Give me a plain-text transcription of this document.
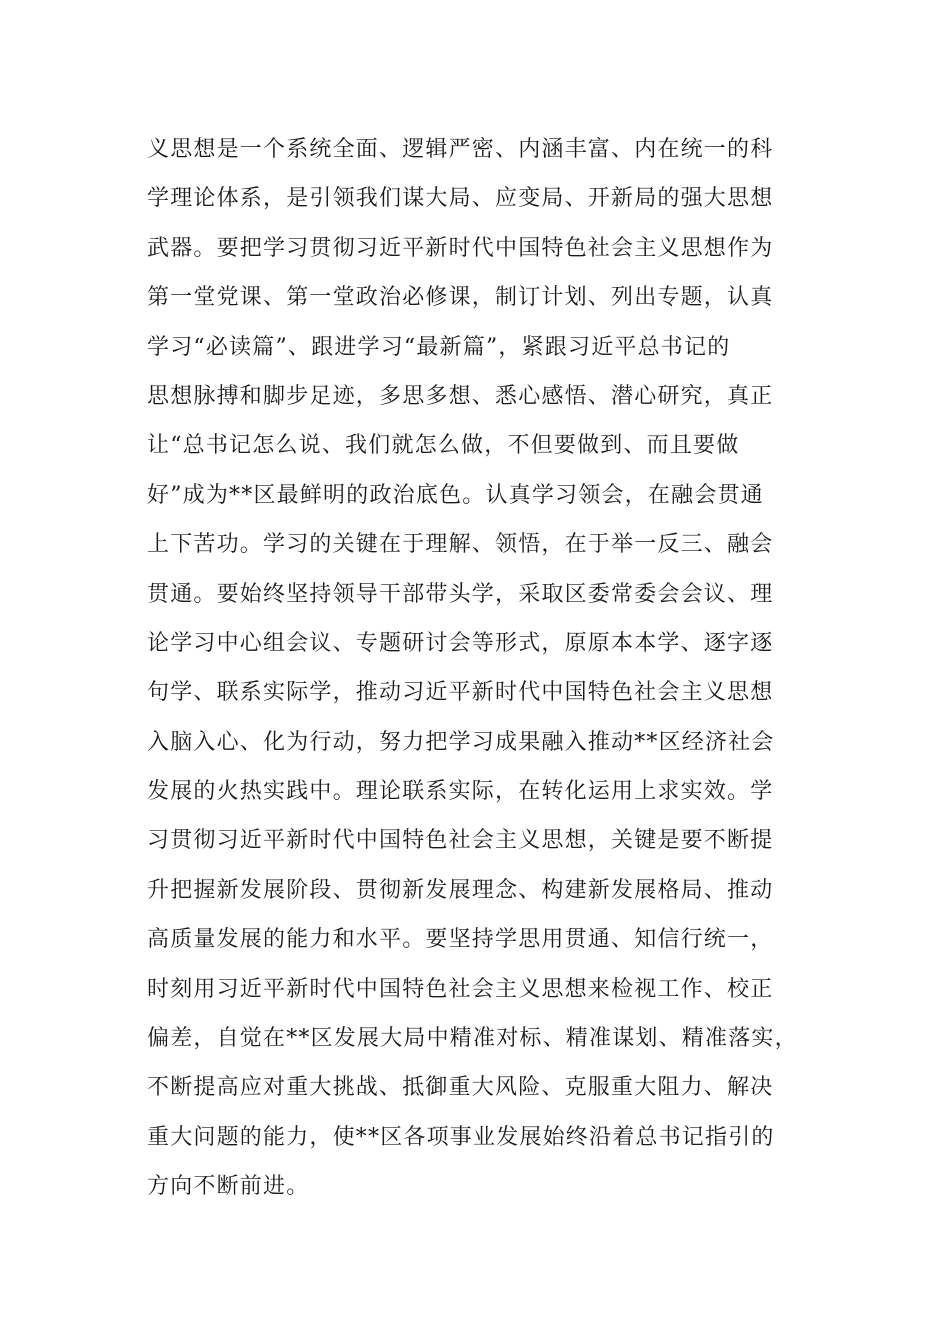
义思想是一个系统全面、逻辑严密、内涵丰富、内在统一的科
学理论体系，是引领我们谋大局、应变局、开新局的强大思想
武器。要把学习贯彻习近平新时代中国特色社会主义思想作为
第一堂党课、第一堂政治必修课，制订计划、列出专题，认真
学习“必读篇”、跟进学习“最新篇”，紧跟习近平总书记的
思想脉搏和脚步足迹，多思多想、悉心感悟、潜心研究，真正
让“总书记怎么说、我们就怎么做，不但要做到、而且要做
好”成为**区最鲜明的政治底色。认真学习领会，在融会贯通
上下苦功。学习的关键在于理解、领悟，在于举一反三、融会
贯通。要始终坚持领导干部带头学，采取区委常委会会议、理
论学习中心组会议、专题研讨会等形式，原原本本学、逐字逐
句学、联系实际学，推动习近平新时代中国特色社会主义思想
入脑入心、化为行动，努力把学习成果融入推动**区经济社会
发展的火热实践中。理论联系实际，在转化运用上求实效。学
习贯彻习近平新时代中国特色社会主义思想，关键是要不断提
升把握新发展阶段、贯彻新发展理念、构建新发展格局、推动
高质量发展的能力和水平。要坚持学思用贯通、知信行统一，
时刻用习近平新时代中国特色社会主义思想来检视工作、校正
偏差，自觉在**区发展大局中精准对标、精准谋划、精准落实，
不断提高应对重大挑战、抵御重大风险、克服重大阻力、解决
重大问题的能力，使**区各项事业发展始终沿着总书记指引的
方向不断前进。
